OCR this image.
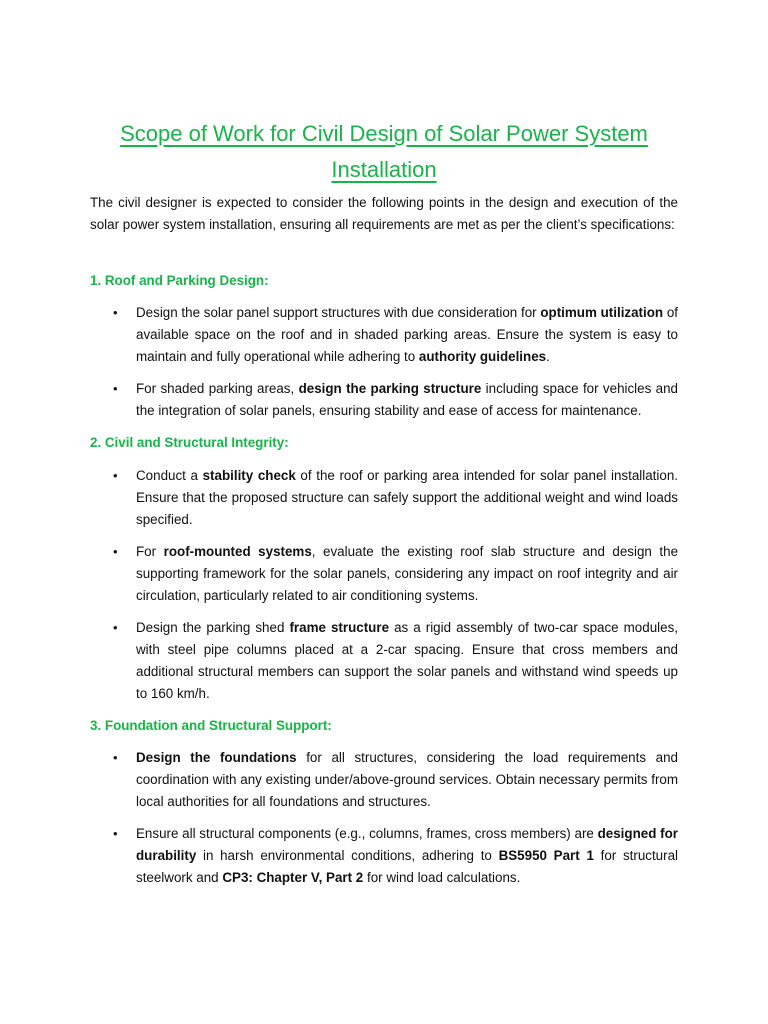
Scope of Work for Civil Design of Solar Power System Installation
The civil designer is expected to consider the following points in the design and execution of the solar power system installation, ensuring all requirements are met as per the client’s specifications:
1. Roof and Parking Design:
• Design the solar panel support structures with due consideration for optimum utilization of available space on the roof and in shaded parking areas. Ensure the system is easy to maintain and fully operational while adhering to authority guidelines.
• For shaded parking areas, design the parking structure including space for vehicles and the integration of solar panels, ensuring stability and ease of access for maintenance.
2. Civil and Structural Integrity:
• Conduct a stability check of the roof or parking area intended for solar panel installation. Ensure that the proposed structure can safely support the additional weight and wind loads specified.
• For roof-mounted systems, evaluate the existing roof slab structure and design the supporting framework for the solar panels, considering any impact on roof integrity and air circulation, particularly related to air conditioning systems.
• Design the parking shed frame structure as a rigid assembly of two-car space modules, with steel pipe columns placed at a 2-car spacing. Ensure that cross members and additional structural members can support the solar panels and withstand wind speeds up to 160 km/h.
3. Foundation and Structural Support:
• Design the foundations for all structures, considering the load requirements and coordination with any existing under/above-ground services. Obtain necessary permits from local authorities for all foundations and structures.
• Ensure all structural components (e.g., columns, frames, cross members) are designed for durability in harsh environmental conditions, adhering to BS5950 Part 1 for structural steelwork and CP3: Chapter V, Part 2 for wind load calculations.
